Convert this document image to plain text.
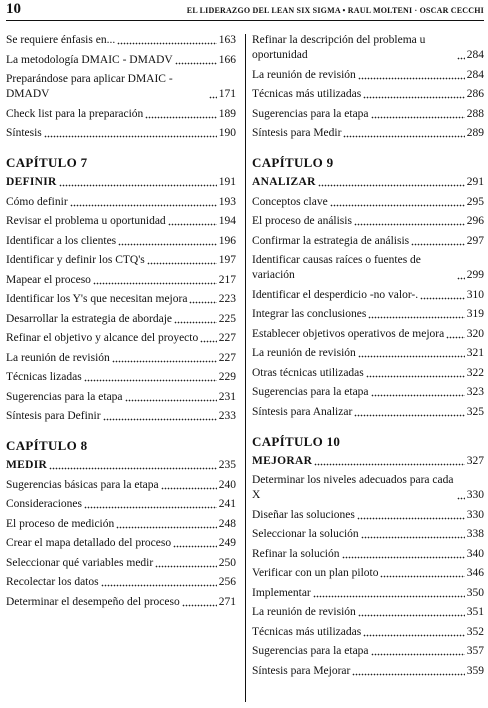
10	EL LIDERAZGO DEL LEAN SIX SIGMA • RAUL MOLTENI · OSCAR CECCHI
Se requiere énfasis en...	163
La metodología DMAIC - DMADV	166
Preparándose para aplicar DMAIC - DMADV	171
Check list para la preparación	189
Síntesis	190
CAPÍTULO 7
DEFINIR	191
Cómo definir	193
Revisar el problema u oportunidad	194
Identificar a los clientes	196
Identificar y definir los CTQ's	197
Mapear el proceso	217
Identificar los Y's que necesitan mejora	223
Desarrollar la estrategia de abordaje	225
Refinar el objetivo y alcance del proyecto 227
La reunión de revisión	227
Técnicas lizadas	229
Sugerencias para la etapa	231
Síntesis para Definir	233
CAPÍTULO 8
MEDIR	235
Sugerencias básicas para la etapa	240
Consideraciones	241
El proceso de medición	248
Crear el mapa detallado del proceso	249
Seleccionar qué variables medir	250
Recolectar los datos	256
Determinar el desempeño del proceso	271
Refinar la descripción del problema u oportunidad	284
La reunión de revisión	284
Técnicas más utilizadas	286
Sugerencias para la etapa	288
Síntesis para Medir	289
CAPÍTULO 9
ANALIZAR	291
Conceptos clave	295
El proceso de análisis	296
Confirmar la estrategia de análisis	297
Identificar causas raíces o fuentes de variación	299
Identificar el desperdicio -no valor-.	310
Integrar las conclusiones	319
Establecer objetivos operativos de mejora 320
La reunión de revisión	321
Otras técnicas utilizadas	322
Sugerencias para la etapa	323
Síntesis para Analizar	325
CAPÍTULO 10
MEJORAR	327
Determinar los niveles adecuados para cada X	330
Diseñar las soluciones	330
Seleccionar la solución	338
Refinar la solución	340
Verificar con un plan piloto	346
Implementar	350
La reunión de revisión	351
Técnicas más utilizadas	352
Sugerencias para la etapa	357
Síntesis para Mejorar	359
